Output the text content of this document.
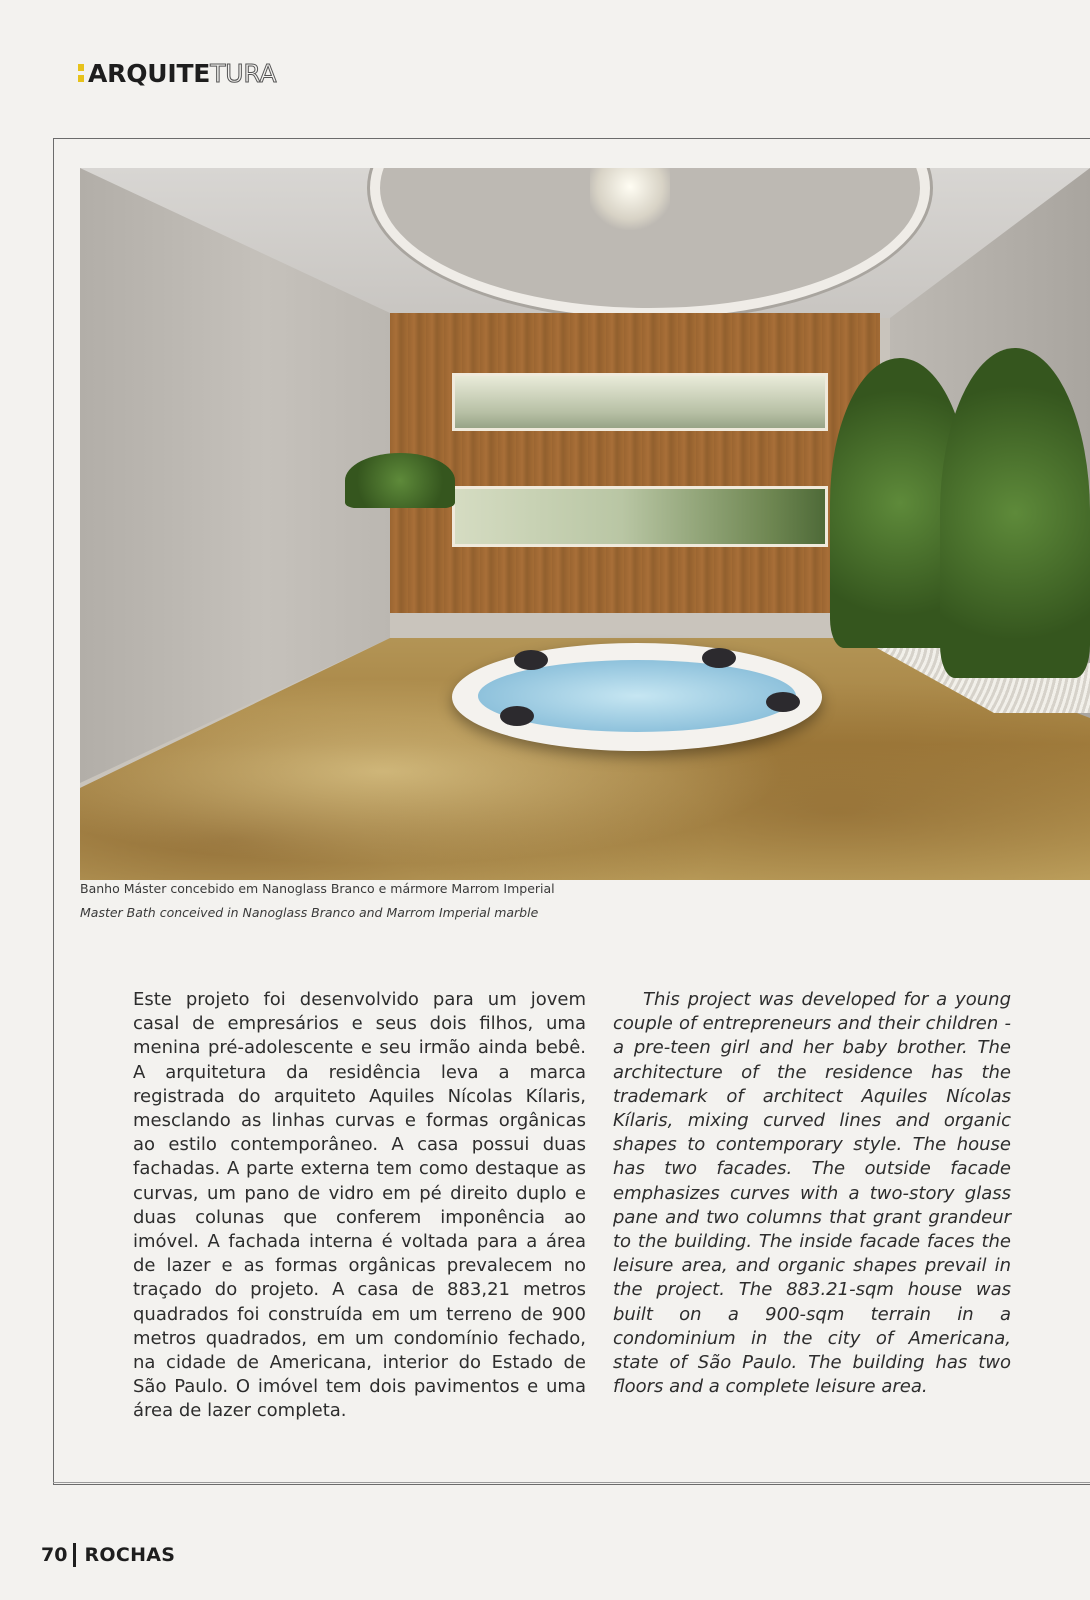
ARQUITE TURA
Banho Máster concebido em Nanoglass Branco e mármore Marrom Imperial
Master Bath conceived in Nanoglass Branco and Marrom Imperial marble

Este projeto foi desenvolvido para um jovem casal de empresários e seus dois filhos, uma menina pré-adolescente e seu irmão ainda bebê. A arquitetura da residência leva a marca registrada do arquiteto Aquiles Nícolas Kílaris, mesclando as linhas curvas e formas orgânicas ao estilo contemporâneo. A casa possui duas fachadas. A parte externa tem como destaque as curvas, um pano de vidro em pé direito duplo e duas colunas que conferem imponência ao imóvel. A fachada interna é voltada para a área de lazer e as formas orgânicas prevalecem no traçado do projeto. A casa de 883,21 metros quadrados foi construída em um terreno de 900 metros quadrados, em um condomínio fechado, na cidade de Americana, interior do Estado de São Paulo. O imóvel tem dois pavimentos e uma área de lazer completa.

This project was developed for a young couple of entrepreneurs and their children - a pre-teen girl and her baby brother. The architecture of the residence has the trademark of architect Aquiles Nícolas Kílaris, mixing curved lines and organic shapes to contemporary style. The house has two facades. The outside facade emphasizes curves with a two-story glass pane and two columns that grant grandeur to the building. The inside facade faces the leisure area, and organic shapes prevail in the project. The 883.21-sqm house was built on a 900-sqm terrain in a condominium in the city of Americana, state of São Paulo. The building has two floors and a complete leisure area.

70 ROCHAS
